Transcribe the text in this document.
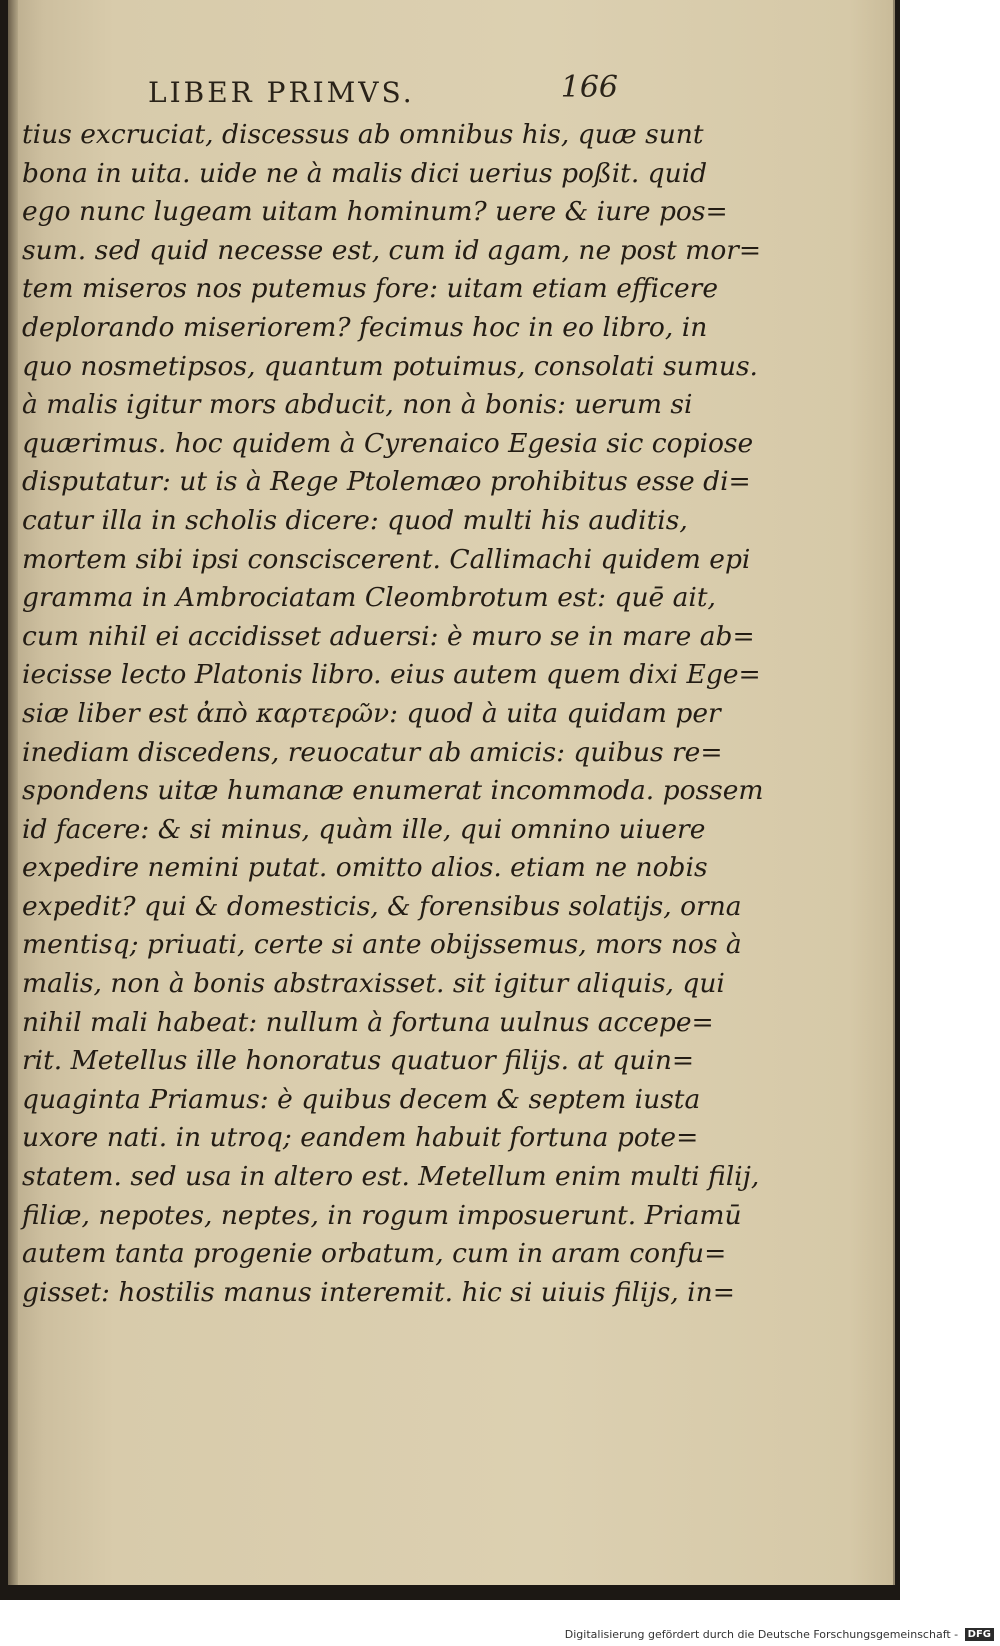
LIBER PRIMVS.	166
tius excruciat, discessus ab omnibus his, quæ sunt
bona in uita. uide ne à malis dici uerius poßit. quid
ego nunc lugeam uitam hominum? uere & iure pos=
sum. sed quid necesse est, cum id agam, ne post mor=
tem miseros nos putemus fore: uitam etiam efficere
deplorando miseriorem? fecimus hoc in eo libro, in
quo nosmetipsos, quantum potuimus, consolati sumus.
à malis igitur mors abducit, non à bonis: uerum si
quærimus. hoc quidem à Cyrenaico Egesia sic copiose
disputatur: ut is à Rege Ptolemæo prohibitus esse di=
catur illa in scholis dicere: quod multi his auditis,
mortem sibi ipsi consciscerent. Callimachi quidem epi
gramma in Ambrociatam Cleombrotum est: quē ait,
cum nihil ei accidisset aduersi: è muro se in mare ab=
iecisse lecto Platonis libro. eius autem quem dixi Ege=
siæ liber est ἀπὸ καρτερῶν: quod à uita quidam per
inediam discedens, reuocatur ab amicis: quibus re=
spondens uitæ humanæ enumerat incommoda. possem
id facere: & si minus, quàm ille, qui omnino uiuere
expedire nemini putat. omitto alios. etiam ne nobis
expedit? qui & domesticis, & forensibus solatijs, orna
mentisq; priuati, certe si ante obijssemus, mors nos à
malis, non à bonis abstraxisset. sit igitur aliquis, qui
nihil mali habeat: nullum à fortuna uulnus accepe=
rit. Metellus ille honoratus quatuor filijs. at quin=
quaginta Priamus: è quibus decem & septem iusta
uxore nati. in utroq; eandem habuit fortuna pote=
statem. sed usa in altero est. Metellum enim multi filij,
filiæ, nepotes, neptes, in rogum imposuerunt. Priamū
autem tanta progenie orbatum, cum in aram confu=
gisset: hostilis manus interemit. hic si uiuis filijs, in=
Digitalisierung gefördert durch die Deutsche Forschungsgemeinschaft - DFG
